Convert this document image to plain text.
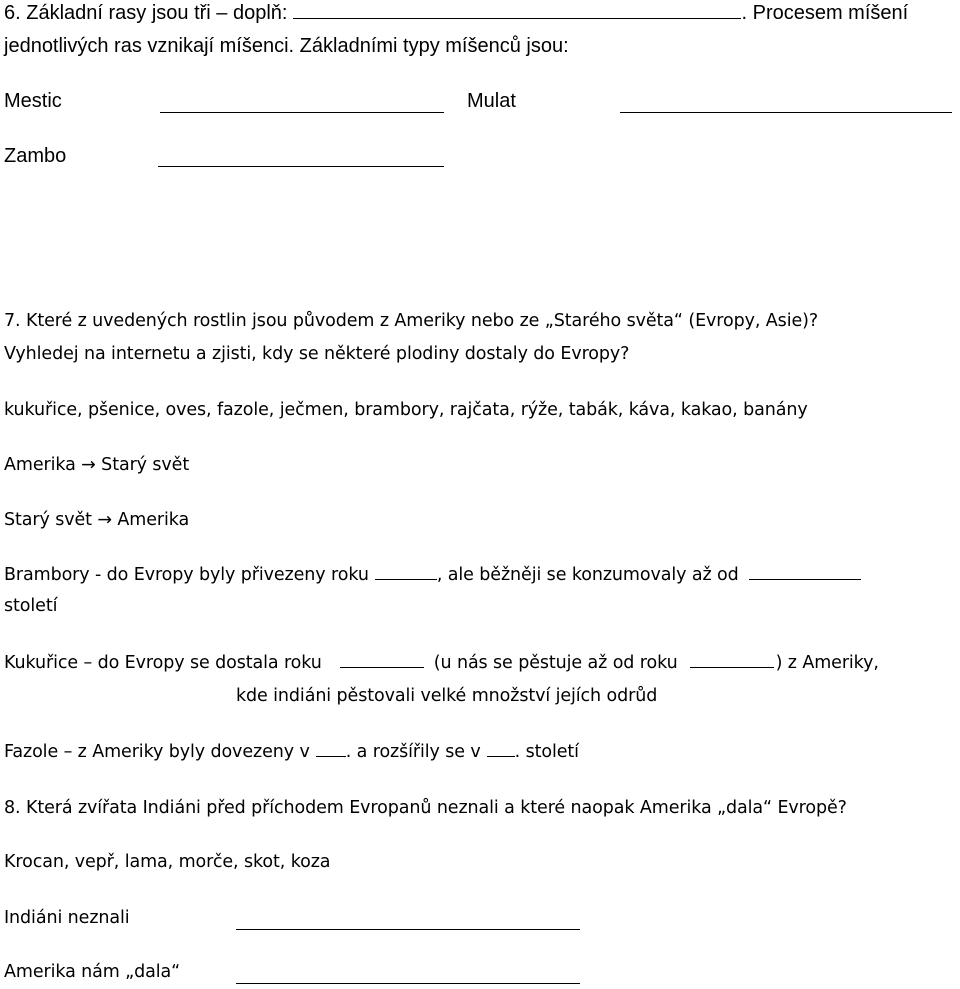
6. Základní rasy jsou tři – doplň:	. Procesem míšení
jednotlivých ras vznikají míšenci. Základními typy míšenců jsou:
Mestic	Mulat
Zambo
7. Které z uvedených rostlin jsou původem z Ameriky nebo ze „Starého světa“ (Evropy, Asie)?
Vyhledej na internetu a zjisti, kdy se některé plodiny dostaly do Evropy?
kukuřice, pšenice, oves, fazole, ječmen, brambory, rajčata, rýže, tabák, káva, kakao, banány
Amerika → Starý svět
Starý svět → Amerika
Brambory - do Evropy byly přivezeny roku	, ale běžněji se konzumovaly až od
století
Kukuřice – do Evropy se dostala roku	(u nás se pěstuje až od roku	) z Ameriky,
kde indiáni pěstovali velké množství jejích odrůd
Fazole – z Ameriky byly dovezeny v . a rozšířily se v . století
8. Která zvířata Indiáni před příchodem Evropanů neznali a které naopak Amerika „dala“ Evropě?
Krocan, vepř, lama, morče, skot, koza
Indiáni neznali
Amerika nám „dala“
